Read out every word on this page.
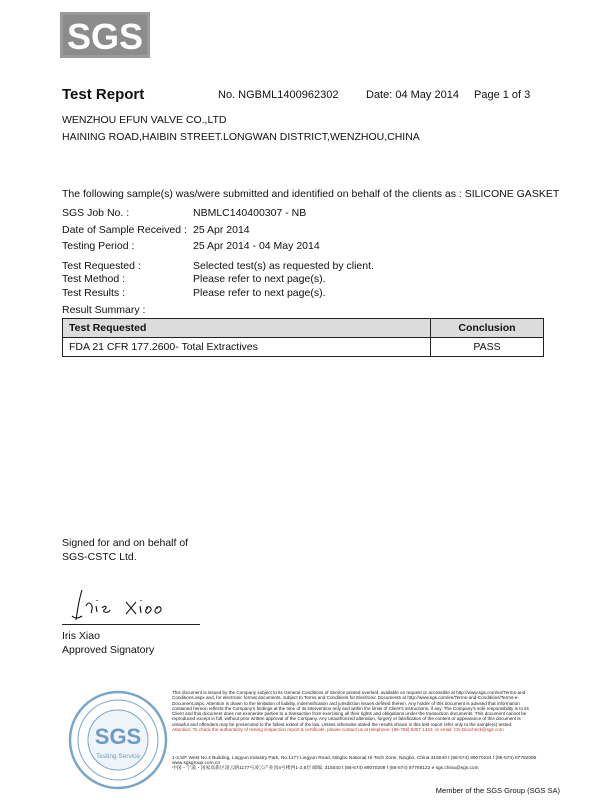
SGS
Test Report	No. NGBML1400962302	Date: 04 May 2014 Page 1 of 3
WENZHOU EFUN VALVE CO.,LTD
HAINING ROAD,HAIBIN STREET.LONGWAN DISTRICT,WENZHOU,CHINA
The following sample(s) was/were submitted and identified on behalf of the clients as : SILICONE GASKET
SGS Job No. :	NBMLC140400307 - NB
Date of Sample Received : 25 Apr 2014
Testing Period :	25 Apr 2014 - 04 May 2014
Test Requested :	Selected test(s) as requested by client.
Test Method :	Please refer to next page(s).
Test Results :	Please refer to next page(s).
Result Summary :
Test Requested	Conclusion
FDA 21 CFR 177.2600- Total Extractives	PASS
Signed for and on behalf of
SGS-CSTC Ltd.
Iris Xiao
Approved Signatory
SGS
Testing Service
This document is issued by the Company subject to its General Conditions of Service printed overleaf, available on request or accessible at http://www.sgs.com/en/Terms-and-Conditions.aspx and, for electronic format documents, subject to Terms and Conditions for Electronic Documents at http://www.sgs.com/en/Terms-and-Conditions/Terms-e-Document.aspx. Attention is drawn to the limitation of liability, indemnification and jurisdiction issues defined therein. Any holder of this document is advised that information contained hereon reflects the Company's findings at the time of its intervention only and within the limits of Client's instructions, if any. The Company's sole responsibility is to its Client and this document does not exonerate parties to a transaction from exercising all their rights and obligations under the transaction documents. This document cannot be reproduced except in full, without prior written approval of the Company. Any unauthorized alteration, forgery or falsification of the content or appearance of this document is unlawful and offenders may be prosecuted to the fullest extent of the law. Unless otherwise stated the results shown in this test report refer only to the sample(s) tested.
Attention: To check the authenticity of testing /inspection report & certificate, please contact us at telephone: (86-755) 8307 1443, or email: CN.Doccheck@sgs.com
1-2,5/F West No.4 Building, Lingyun Industry Park, No.1177 Lingyun Road, Ningbo National Hi-Tech Zone, Ningbo, China 315040 t (86-574) 89070224 f (86-574) 87782095 www.sgsgroup.com.cn
中国・宁波・国家高新区凌云路1177号凌云产业园4号楼西1-2,5层 邮编: 315040 t (86-574) 89070209 f (86-574) 87768122 e sgs.china@sgs.com
Member of the SGS Group (SGS SA)
